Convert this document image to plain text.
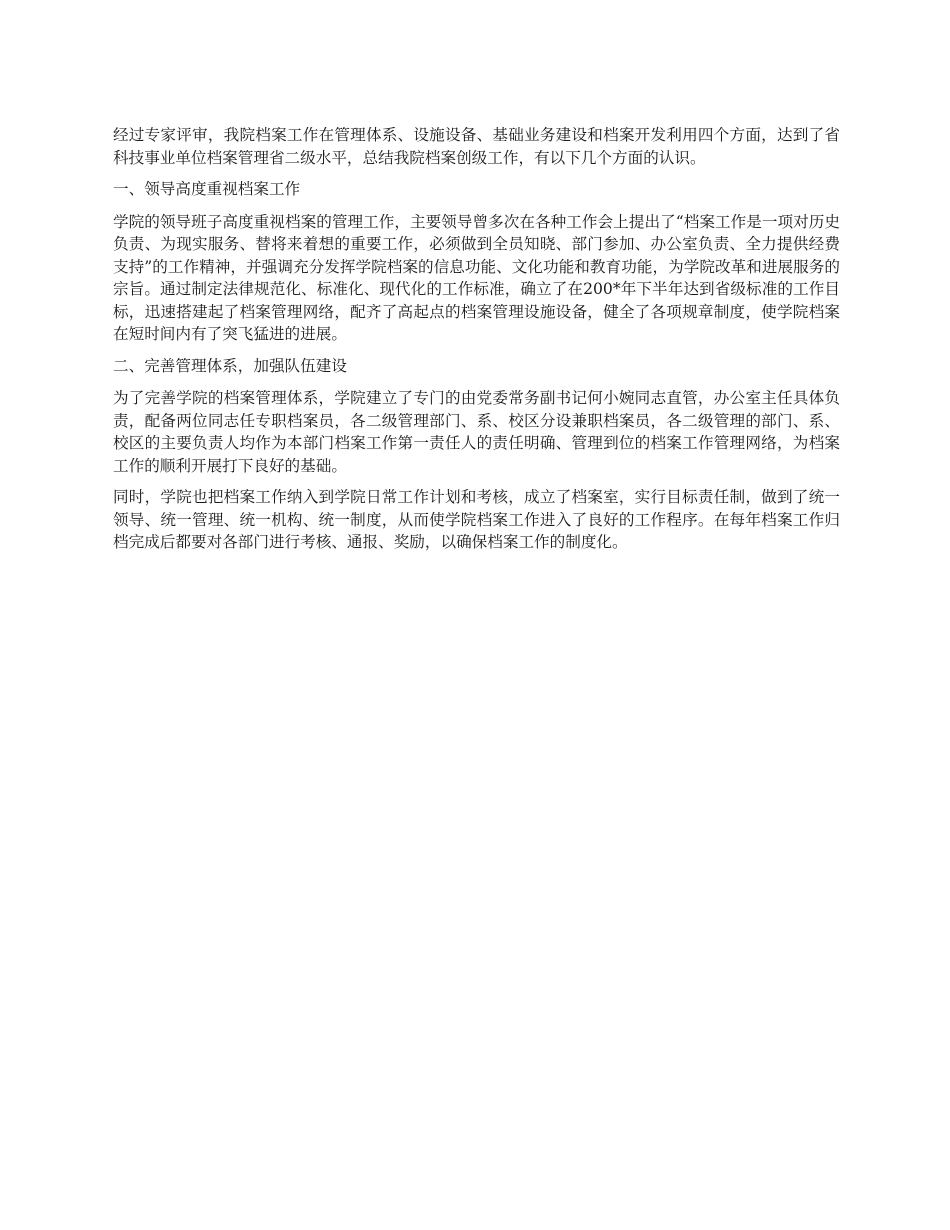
经过专家评审，我院档案工作在管理体系、设施设备、基础业务建设和档案开发利用四个方面，达到了省科技事业单位档案管理省二级水平，总结我院档案创级工作，有以下几个方面的认识。

一、领导高度重视档案工作

学院的领导班子高度重视档案的管理工作，主要领导曾多次在各种工作会上提出了“档案工作是一项对历史负责、为现实服务、替将来着想的重要工作，必须做到全员知晓、部门参加、办公室负责、全力提供经费支持”的工作精神，并强调充分发挥学院档案的信息功能、文化功能和教育功能，为学院改革和进展服务的宗旨。通过制定法律规范化、标准化、现代化的工作标准，确立了在200*年下半年达到省级标准的工作目标，迅速搭建起了档案管理网络，配齐了高起点的档案管理设施设备，健全了各项规章制度，使学院档案在短时间内有了突飞猛进的进展。

二、完善管理体系，加强队伍建设

为了完善学院的档案管理体系，学院建立了专门的由党委常务副书记何小婉同志直管，办公室主任具体负责，配备两位同志任专职档案员，各二级管理部门、系、校区分设兼职档案员，各二级管理的部门、系、校区的主要负责人均作为本部门档案工作第一责任人的责任明确、管理到位的档案工作管理网络，为档案工作的顺利开展打下良好的基础。

同时，学院也把档案工作纳入到学院日常工作计划和考核，成立了档案室，实行目标责任制，做到了统一领导、统一管理、统一机构、统一制度，从而使学院档案工作进入了良好的工作程序。在每年档案工作归档完成后都要对各部门进行考核、通报、奖励，以确保档案工作的制度化。
